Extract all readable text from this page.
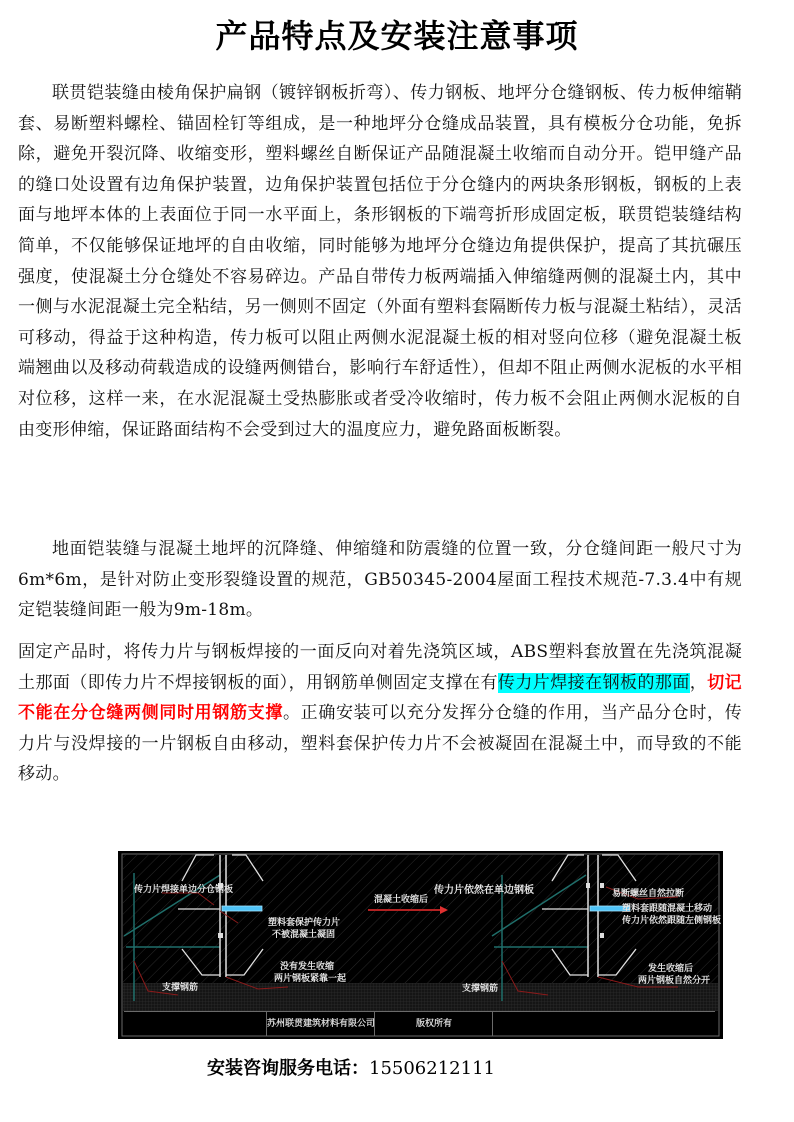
产品特点及安装注意事项

联贯铠装缝由棱角保护扁钢（镀锌钢板折弯）、传力钢板、地坪分仓缝钢板、传力板伸缩鞘套、易断塑料螺栓、锚固栓钉等组成，是一种地坪分仓缝成品装置，具有模板分仓功能，免拆除，避免开裂沉降、收缩变形，塑料螺丝自断保证产品随混凝土收缩而自动分开。铠甲缝产品的缝口处设置有边角保护装置，边角保护装置包括位于分仓缝内的两块条形钢板，钢板的上表面与地坪本体的上表面位于同一水平面上，条形钢板的下端弯折形成固定板，联贯铠装缝结构简单，不仅能够保证地坪的自由收缩，同时能够为地坪分仓缝边角提供保护，提高了其抗碾压强度，使混凝土分仓缝处不容易碎边。产品自带传力板两端插入伸缩缝两侧的混凝土内，其中一侧与水泥混凝土完全粘结，另一侧则不固定（外面有塑料套隔断传力板与混凝土粘结），灵活可移动，得益于这种构造，传力板可以阻止两侧水泥混凝土板的相对竖向位移（避免混凝土板端翘曲以及移动荷载造成的设缝两侧错台，影响行车舒适性），但却不阻止两侧水泥板的水平相对位移，这样一来，在水泥混凝土受热膨胀或者受冷收缩时，传力板不会阻止两侧水泥板的自由变形伸缩，保证路面结构不会受到过大的温度应力，避免路面板断裂。

地面铠装缝与混凝土地坪的沉降缝、伸缩缝和防震缝的位置一致，分仓缝间距一般尺寸为6m*6m，是针对防止变形裂缝设置的规范，GB50345-2004屋面工程技术规范-7.3.4中有规定铠装缝间距一般为9m-18m。

固定产品时，将传力片与钢板焊接的一面反向对着先浇筑区域，ABS塑料套放置在先浇筑混凝土那面（即传力片不焊接钢板的面），用钢筋单侧固定支撑在有传力片焊接在钢板的那面，切记不能在分仓缝两侧同时用钢筋支撑。正确安装可以充分发挥分仓缝的作用，当产品分仓时，传力片与没焊接的一片钢板自由移动，塑料套保护传力片不会被凝固在混凝土中，而导致的不能移动。

传力片焊接单边分仓钢板
塑料套保护传力片
不被混凝土凝固
没有发生收缩
两片钢板紧靠一起
支撑钢筋
混凝土收缩后
传力片依然在单边钢板	易断螺丝自然拉断
塑料套跟随混凝土移动
传力片依然跟随左侧钢板
发生收缩后
两片钢板自然分开
支撑钢筋
苏州联贯建筑材料有限公司	版权所有
安装咨询服务电话：15506212111
